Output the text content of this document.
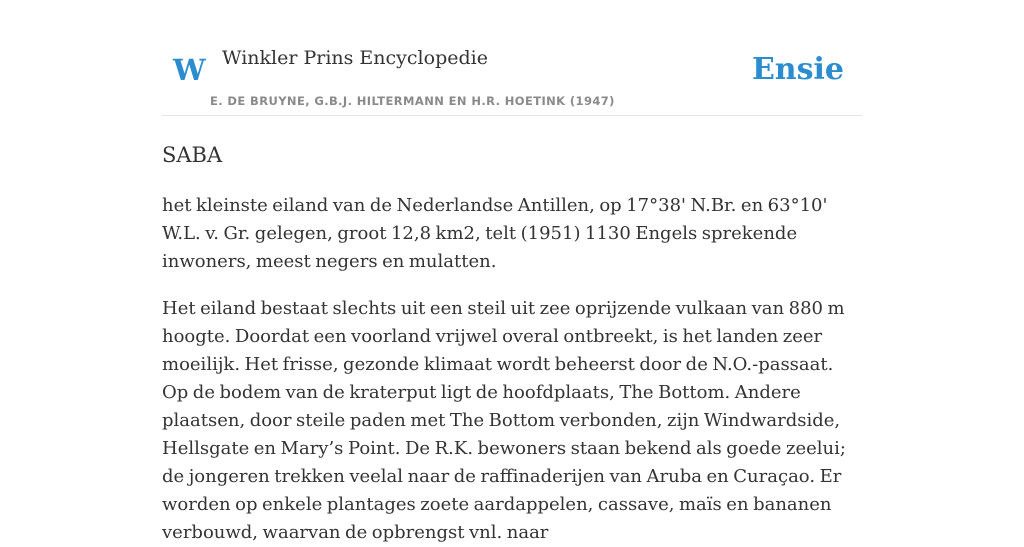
W Winkler Prins Encyclopedie
E. DE BRUYNE, G.B.J. HILTERMANN EN H.R. HOETINK (1947)
Ensie
SABA

het kleinste eiland van de Nederlandse Antillen, op 17°38' N.Br. en 63°10' W.L. v. Gr. gelegen, groot 12,8 km2, telt (1951) 1130 Engels sprekende inwoners, meest negers en mulatten.

Het eiland bestaat slechts uit een steil uit zee oprijzende vulkaan van 880 m hoogte. Doordat een voorland vrijwel overal ontbreekt, is het landen zeer moeilijk. Het frisse, gezonde klimaat wordt beheerst door de N.O.-passaat. Op de bodem van de kraterput ligt de hoofdplaats, The Bottom. Andere plaatsen, door steile paden met The Bottom verbonden, zijn Windwardside, Hellsgate en Mary’s Point. De R.K. bewoners staan bekend als goede zeelui; de jongeren trekken veelal naar de raffinaderijen van Aruba en Curaçao. Er worden op enkele plantages zoete aardappelen, cassave, maïs en bananen verbouwd, waarvan de opbrengst vnl. naar
